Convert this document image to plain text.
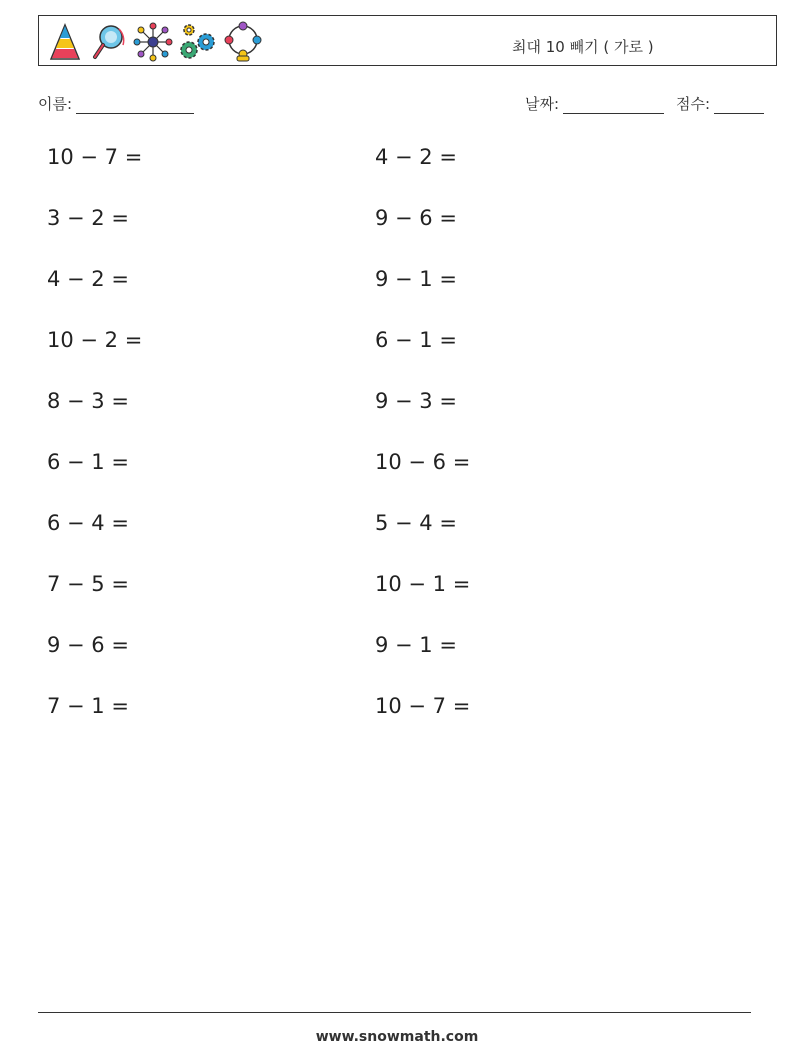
최대 10 빼기 ( 가로 )
이름:	날짜:	점수:
10 − 7 =	4 − 2 =
3 − 2 =	9 − 6 =
4 − 2 =	9 − 1 =
10 − 2 =	6 − 1 =
8 − 3 =	9 − 3 =
6 − 1 =	10 − 6 =
6 − 4 =	5 − 4 =
7 − 5 =	10 − 1 =
9 − 6 =	9 − 1 =
7 − 1 =	10 − 7 =
www.snowmath.com
